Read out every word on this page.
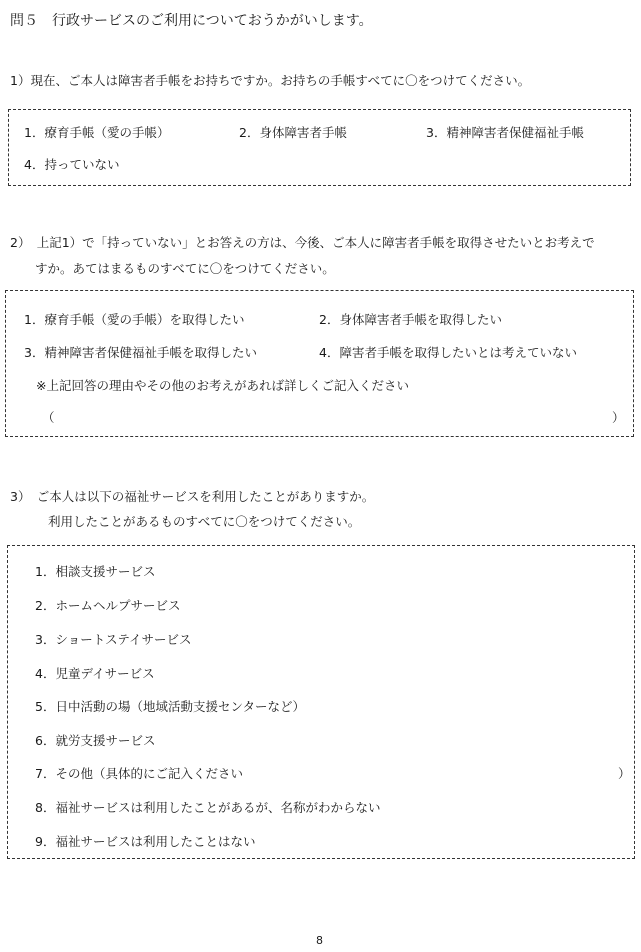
問５　行政サービスのご利用についておうかがいします。
1）現在、ご本人は障害者手帳をお持ちですか。お持ちの手帳すべてに〇をつけてください。
1．療育手帳（愛の手帳）	2．身体障害者手帳	3．精神障害者保健福祉手帳
4．持っていない
2）　上記1）で「持っていない」とお答えの方は、今後、ご本人に障害者手帳を取得させたいとお考えで
すか。あてはまるものすべてに〇をつけてください。
1．療育手帳（愛の手帳）を取得したい	2．身体障害者手帳を取得したい
3．精神障害者保健福祉手帳を取得したい	4．障害者手帳を取得したいとは考えていない
※上記回答の理由やその他のお考えがあれば詳しくご記入ください
（	）
3）　ご本人は以下の福祉サービスを利用したことがありますか。
利用したことがあるものすべてに〇をつけてください。
1．相談支援サービス
2．ホームヘルプサービス
3．ショートステイサービス
4．児童デイサービス
5．日中活動の場（地域活動支援センターなど）
6．就労支援サービス
7．その他（具体的にご記入ください	）
8．福祉サービスは利用したことがあるが、名称がわからない
9．福祉サービスは利用したことはない
8
